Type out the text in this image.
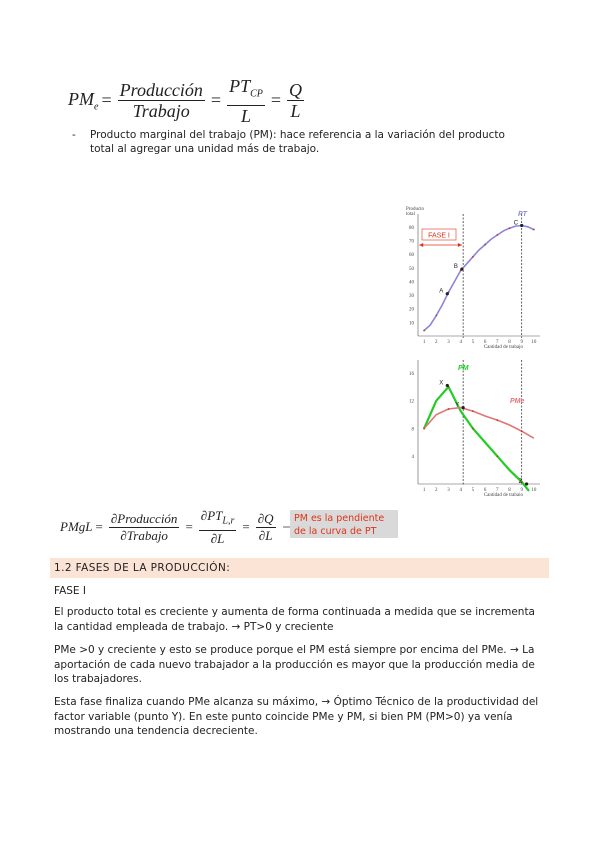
$PM_e = \frac{\text{Producción}}{\text{Trabajo}} = \frac{PT_{CP}}{L} = \frac{Q}{L}$
-	Producto marginal del trabajo (PM): hace referencia a la variación del producto total al agregar una unidad más de trabajo.
10
20
30
40
50
60
70
80
1 2 3 4 5 6 7 8 9 10
Cantidad de trabajo
Producto
total	PT
A
B
C
FASE I
4
8
12
16
1 2 3 4 5 6 7 8 9 10
Cantidad de trabajo
PM
PMe
X
Y
Z
PMgL = $\frac{\text{∂Producción}}{\text{∂Trabajo}} = \frac{\partial PT_{L,r}}{\partial L} = \frac{\partial Q}{\partial L}$	PM es la pendiente de la curva de PT
1.2 FASES DE LA PRODUCCIÓN:
FASE I
El producto total es creciente y aumenta de forma continuada a medida que se incrementa la cantidad empleada de trabajo. → PT>0 y creciente
PMe >0 y creciente y esto se produce porque el PM está siempre por encima del PMe. → La aportación de cada nuevo trabajador a la producción es mayor que la producción media de los trabajadores.
Esta fase finaliza cuando PMe alcanza su máximo, → Óptimo Técnico de la productividad del factor variable (punto Y). En este punto coincide PMe y PM, si bien PM (PM>0) ya venía mostrando una tendencia decreciente.
